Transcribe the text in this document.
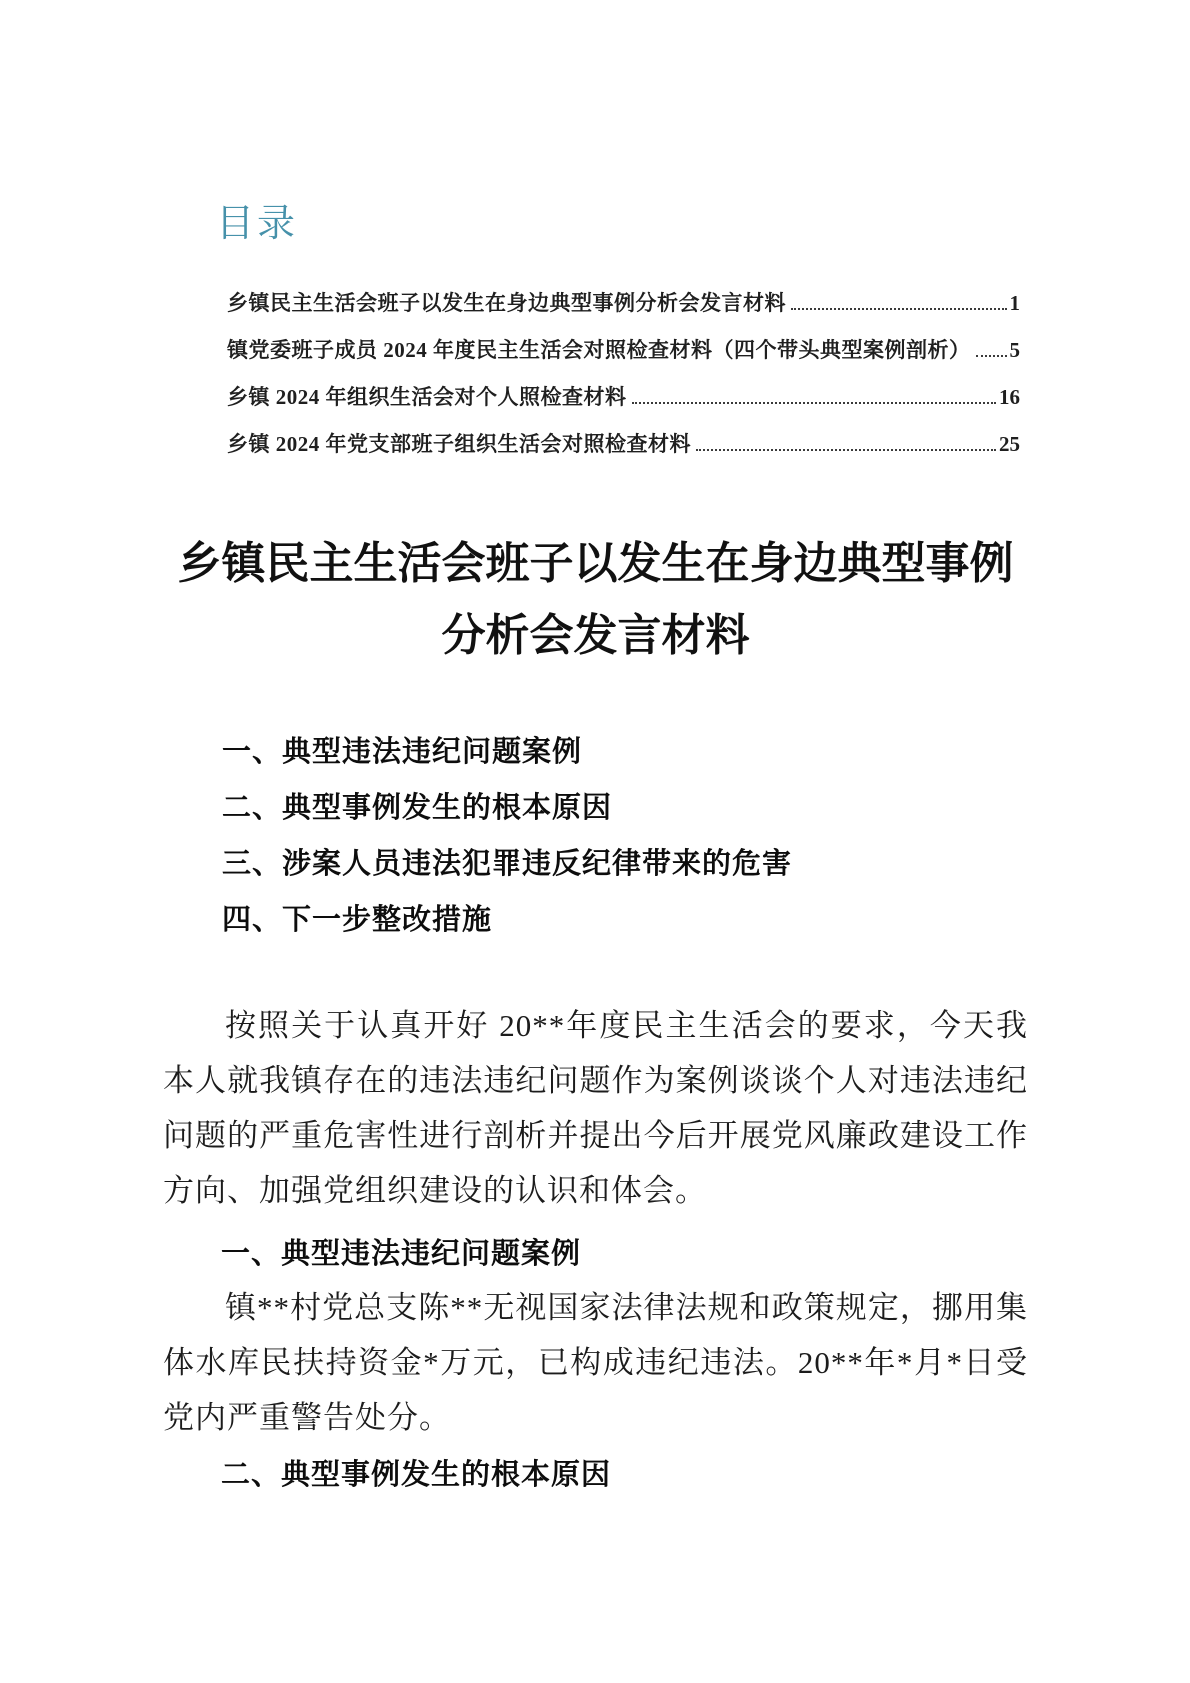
目录
乡镇民主生活会班子以发生在身边典型事例分析会发言材料	1
镇党委班子成员 2024 年度民主生活会对照检查材料（四个带头典型案例剖析） 5
乡镇 2024 年组织生活会对个人照检查材料	16
乡镇 2024 年党支部班子组织生活会对照检查材料	25
乡镇民主生活会班子以发生在身边典型事例分析会发言材料
一、典型违法违纪问题案例
二、典型事例发生的根本原因
三、涉案人员违法犯罪违反纪律带来的危害
四、下一步整改措施

按照关于认真开好 20**年度民主生活会的要求，今天我本人就我镇存在的违法违纪问题作为案例谈谈个人对违法违纪问题的严重危害性进行剖析并提出今后开展党风廉政建设工作方向、加强党组织建设的认识和体会。

一、典型违法违纪问题案例

镇**村党总支陈**无视国家法律法规和政策规定，挪用集体水库民扶持资金*万元，已构成违纪违法。20**年*月*日受党内严重警告处分。

二、典型事例发生的根本原因
